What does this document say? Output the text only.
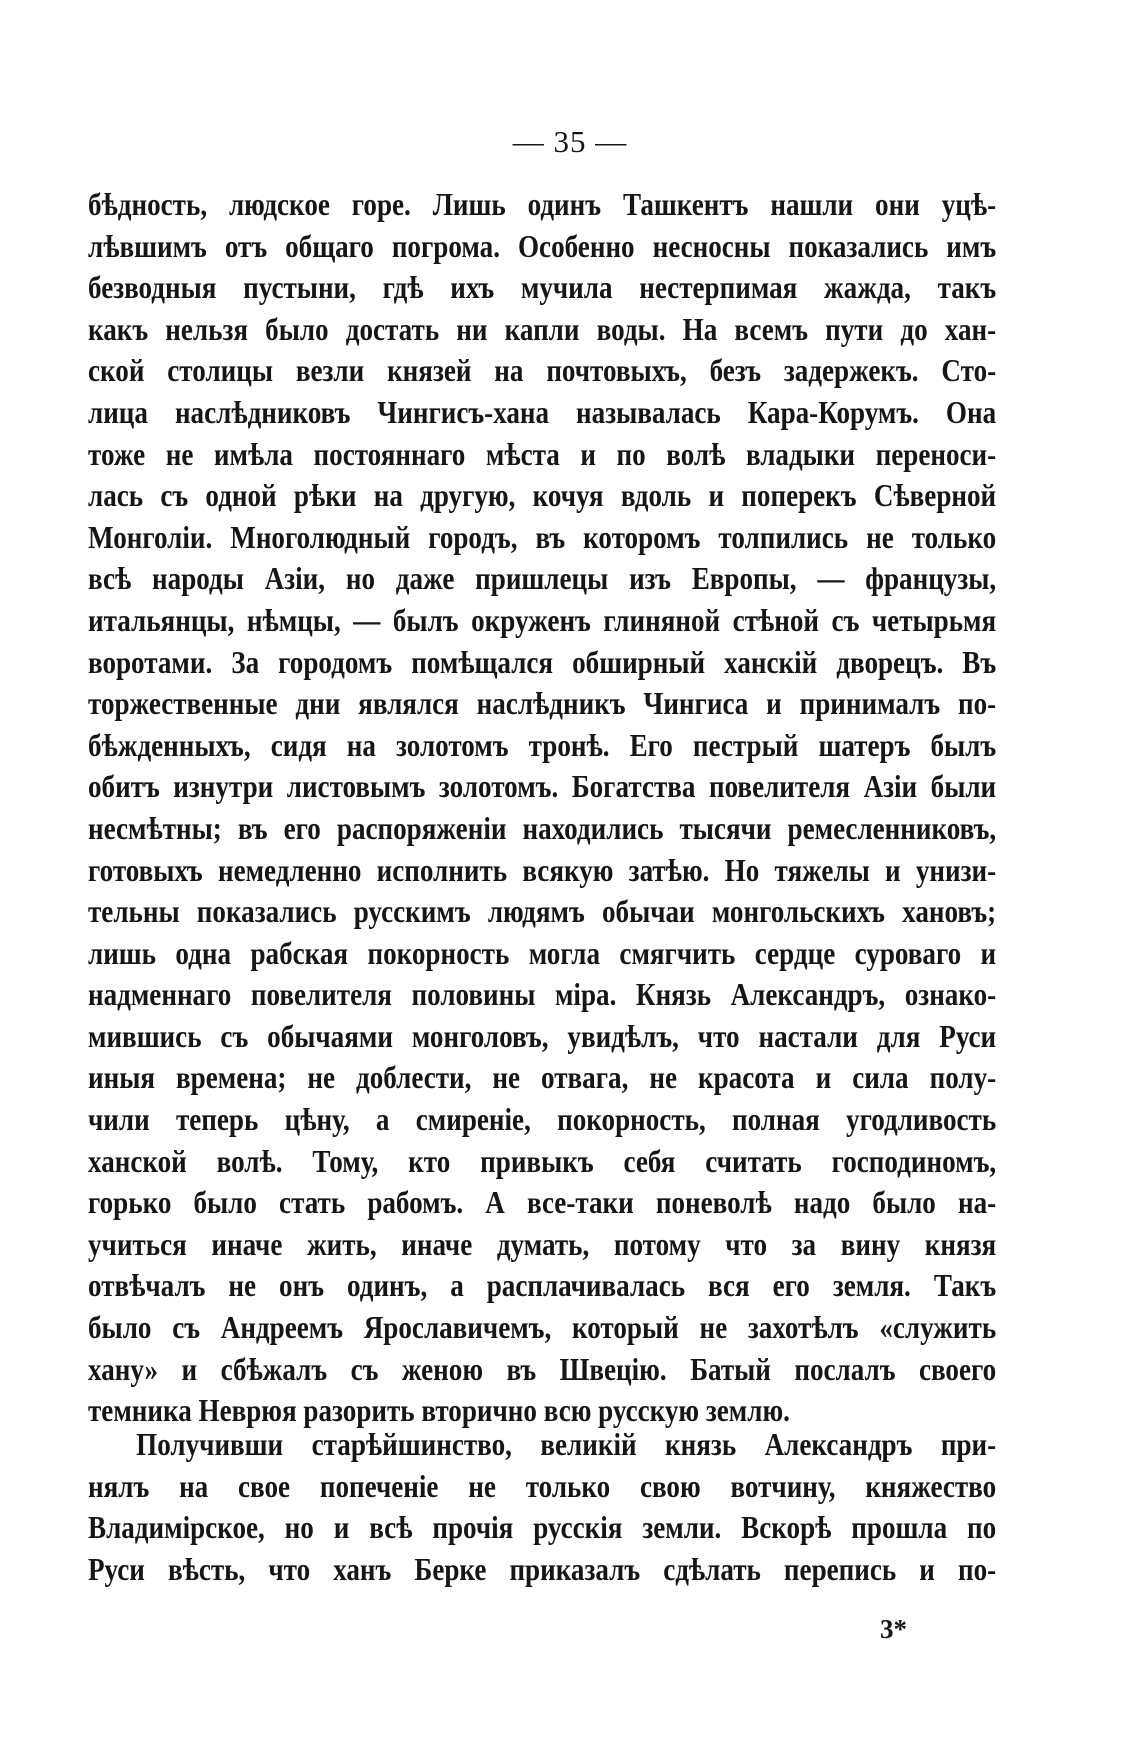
— 35 —
бѣдность, людское горе. Лишь одинъ Ташкентъ нашли они уцѣ-
лѣвшимъ отъ общаго погрома. Особенно несносны показались имъ
безводныя пустыни, гдѣ ихъ мучила нестерпимая жажда, такъ
какъ нельзя было достать ни капли воды. На всемъ пути до хан-
ской столицы везли князей на почтовыхъ, безъ задержекъ. Сто-
лица наслѣдниковъ Чингисъ-хана называлась Кара-Корумъ. Она
тоже не имѣла постояннаго мѣста и по волѣ владыки переноси-
лась съ одной рѣки на другую, кочуя вдоль и поперекъ Сѣверной
Монголіи. Многолюдный городъ, въ которомъ толпились не только
всѣ народы Азіи, но даже пришлецы изъ Европы, — французы,
итальянцы, нѣмцы, — былъ окруженъ глиняной стѣной съ четырьмя
воротами. За городомъ помѣщался обширный ханскій дворецъ. Въ
торжественные дни являлся наслѣдникъ Чингиса и принималъ по-
бѣжденныхъ, сидя на золотомъ тронѣ. Его пестрый шатеръ былъ
обитъ изнутри листовымъ золотомъ. Богатства повелителя Азіи были
несмѣтны; въ его распоряженіи находились тысячи ремесленниковъ,
готовыхъ немедленно исполнить всякую затѣю. Но тяжелы и унизи-
тельны показались русскимъ людямъ обычаи монгольскихъ хановъ;
лишь одна рабская покорность могла смягчить сердце суроваго и
надменнаго повелителя половины міра. Князь Александръ, ознако-
мившись съ обычаями монголовъ, увидѣлъ, что настали для Руси
иныя времена; не доблести, не отвага, не красота и сила полу-
чили теперь цѣну, а смиреніе, покорность, полная угодливость
ханской волѣ. Тому, кто привыкъ себя считать господиномъ,
горько было стать рабомъ. А все-таки поневолѣ надо было на-
учиться иначе жить, иначе думать, потому что за вину князя
отвѣчалъ не онъ одинъ, а расплачивалась вся его земля. Такъ
было съ Андреемъ Ярославичемъ, который не захотѣлъ «служить
хану» и сбѣжалъ съ женою въ Швецію. Батый послалъ своего
темника Неврюя разорить вторично всю русскую землю.
Получивши старѣйшинство, великій князь Александръ при-
нялъ на свое попеченіе не только свою вотчину, княжество
Владимірское, но и всѣ прочія русскія земли. Вскорѣ прошла по
Руси вѣсть, что ханъ Берке приказалъ сдѣлать перепись и по-
3*
